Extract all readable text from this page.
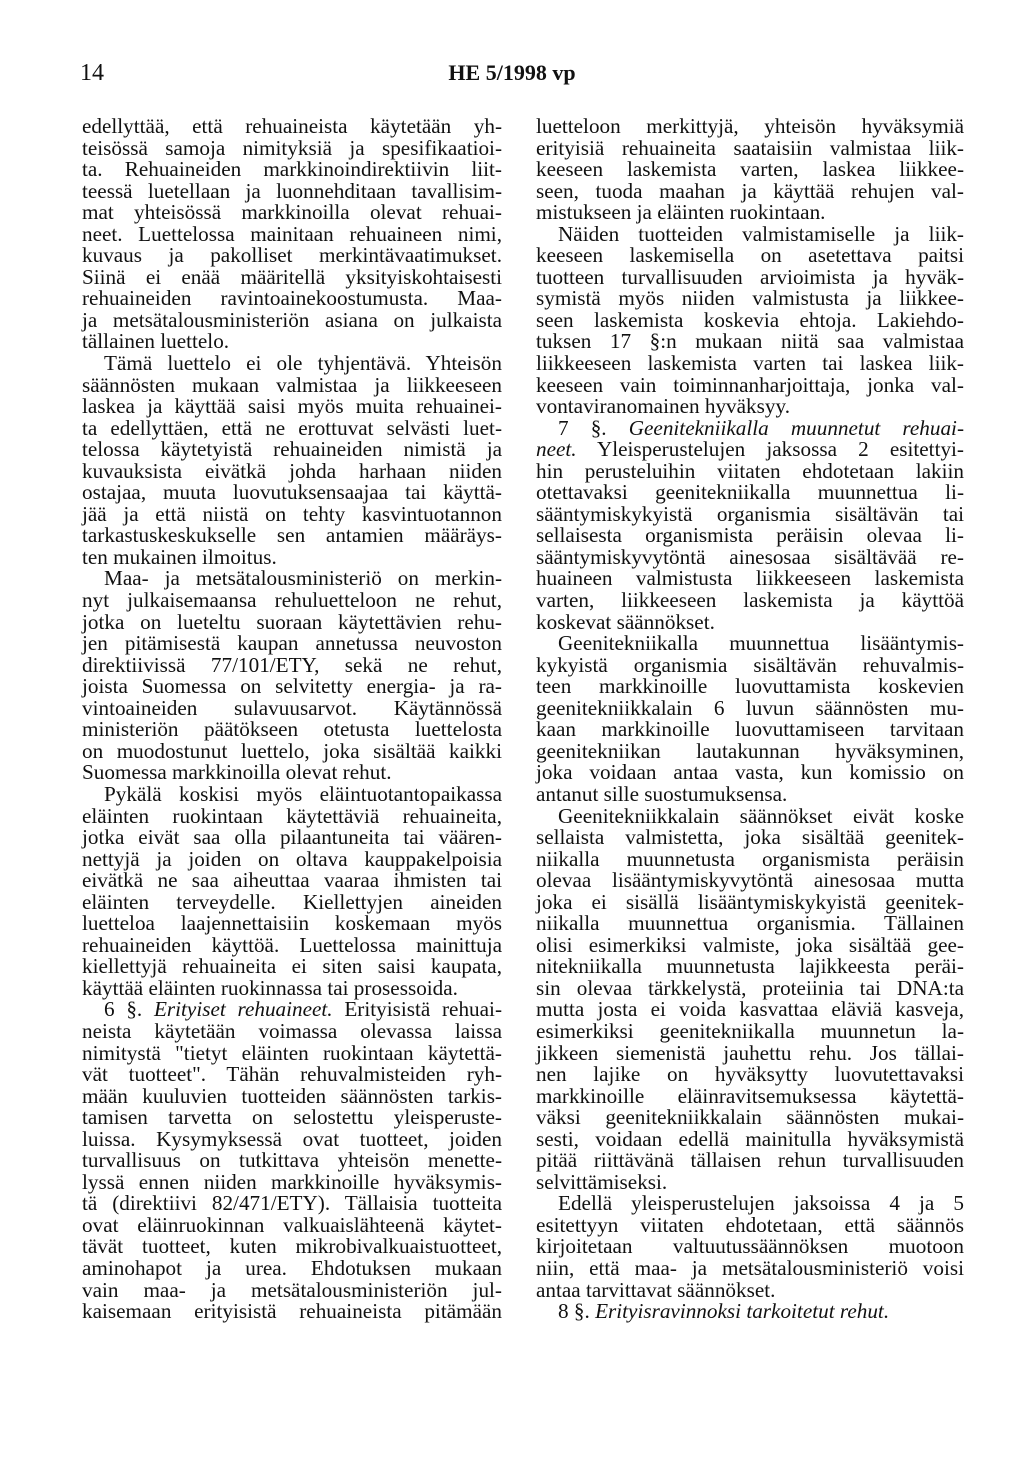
14	HE 5/1998 vp
edellyttää, että rehuaineista käytetään yh-
teisössä samoja nimityksiä ja spesifikaatioi-
ta. Rehuaineiden markkinoindirektiivin liit-
teessä luetellaan ja luonnehditaan tavallisim-
mat yhteisössä markkinoilla olevat rehuai-
neet. Luettelossa mainitaan rehuaineen nimi,
kuvaus ja pakolliset merkintävaatimukset.
Siinä ei enää määritellä yksityiskohtaisesti
rehuaineiden ravintoainekoostumusta. Maa-
ja metsätalousministeriön asiana on julkaista
tällainen luettelo.
Tämä luettelo ei ole tyhjentävä. Yhteisön
säännösten mukaan valmistaa ja liikkeeseen
laskea ja käyttää saisi myös muita rehuainei-
ta edellyttäen, että ne erottuvat selvästi luet-
telossa käytetyistä rehuaineiden nimistä ja
kuvauksista eivätkä johda harhaan niiden
ostajaa, muuta luovutuksensaajaa tai käyttä-
jää ja että niistä on tehty kasvintuotannon
tarkastuskeskukselle sen antamien määräys-
ten mukainen ilmoitus.
Maa- ja metsätalousministeriö on merkin-
nyt julkaisemaansa rehuluetteloon ne rehut,
jotka on lueteltu suoraan käytettävien rehu-
jen pitämisestä kaupan annetussa neuvoston
direktiivissä 77/101/ETY, sekä ne rehut,
joista Suomessa on selvitetty energia- ja ra-
vintoaineiden sulavuusarvot. Käytännössä
ministeriön päätökseen otetusta luettelosta
on muodostunut luettelo, joka sisältää kaikki
Suomessa markkinoilla olevat rehut.
Pykälä koskisi myös eläintuotantopaikassa
eläinten ruokintaan käytettäviä rehuaineita,
jotka eivät saa olla pilaantuneita tai väären-
nettyjä ja joiden on oltava kauppakelpoisia
eivätkä ne saa aiheuttaa vaaraa ihmisten tai
eläinten terveydelle. Kiellettyjen aineiden
luetteloa laajennettaisiin koskemaan myös
rehuaineiden käyttöä. Luettelossa mainittuja
kiellettyjä rehuaineita ei siten saisi kaupata,
käyttää eläinten ruokinnassa tai prosessoida.
6 §. Erityiset rehuaineet. Erityisistä rehuai-
neista käytetään voimassa olevassa laissa
nimitystä "tietyt eläinten ruokintaan käytettä-
vät tuotteet". Tähän rehuvalmisteiden ryh-
mään kuuluvien tuotteiden säännösten tarkis-
tamisen tarvetta on selostettu yleisperuste-
luissa. Kysymyksessä ovat tuotteet, joiden
turvallisuus on tutkittava yhteisön menette-
lyssä ennen niiden markkinoille hyväksymis-
tä (direktiivi 82/471/ETY). Tällaisia tuotteita
ovat eläinruokinnan valkuaislähteenä käytet-
tävät tuotteet, kuten mikrobivalkuaistuotteet,
aminohapot ja urea. Ehdotuksen mukaan
vain maa- ja metsätalousministeriön jul-
kaisemaan erityisistä rehuaineista pitämään
luetteloon merkittyjä, yhteisön hyväksymiä
erityisiä rehuaineita saataisiin valmistaa liik-
keeseen laskemista varten, laskea liikkee-
seen, tuoda maahan ja käyttää rehujen val-
mistukseen ja eläinten ruokintaan.
Näiden tuotteiden valmistamiselle ja liik-
keeseen laskemisella on asetettava paitsi
tuotteen turvallisuuden arvioimista ja hyväk-
symistä myös niiden valmistusta ja liikkee-
seen laskemista koskevia ehtoja. Lakiehdo-
tuksen 17 §:n mukaan niitä saa valmistaa
liikkeeseen laskemista varten tai laskea liik-
keeseen vain toiminnanharjoittaja, jonka val-
vontaviranomainen hyväksyy.
7 §. Geenitekniikalla muunnetut rehuai-
neet. Yleisperustelujen jaksossa 2 esitettyi-
hin perusteluihin viitaten ehdotetaan lakiin
otettavaksi geenitekniikalla muunnettua li-
sääntymiskykyistä organismia sisältävän tai
sellaisesta organismista peräisin olevaa li-
sääntymiskyvytöntä ainesosaa sisältävää re-
huaineen valmistusta liikkeeseen laskemista
varten, liikkeeseen laskemista ja käyttöä
koskevat säännökset.
Geenitekniikalla muunnettua lisääntymis-
kykyistä organismia sisältävän rehuvalmis-
teen markkinoille luovuttamista koskevien
geenitekniikkalain 6 luvun säännösten mu-
kaan markkinoille luovuttamiseen tarvitaan
geenitekniikan lautakunnan hyväksyminen,
joka voidaan antaa vasta, kun komissio on
antanut sille suostumuksensa.
Geenitekniikkalain säännökset eivät koske
sellaista valmistetta, joka sisältää geenitek-
niikalla muunnetusta organismista peräisin
olevaa lisääntymiskyvytöntä ainesosaa mutta
joka ei sisällä lisääntymiskykyistä geenitek-
niikalla muunnettua organismia. Tällainen
olisi esimerkiksi valmiste, joka sisältää gee-
nitekniikalla muunnetusta lajikkeesta peräi-
sin olevaa tärkkelystä, proteiinia tai DNA:ta
mutta josta ei voida kasvattaa eläviä kasveja,
esimerkiksi geenitekniikalla muunnetun la-
jikkeen siemenistä jauhettu rehu. Jos tällai-
nen lajike on hyväksytty luovutettavaksi
markkinoille eläinravitsemuksessa käytettä-
väksi geenitekniikkalain säännösten mukai-
sesti, voidaan edellä mainitulla hyväksymistä
pitää riittävänä tällaisen rehun turvallisuuden
selvittämiseksi.
Edellä yleisperustelujen jaksoissa 4 ja 5
esitettyyn viitaten ehdotetaan, että säännös
kirjoitetaan valtuutussäännöksen muotoon
niin, että maa- ja metsätalousministeriö voisi
antaa tarvittavat säännökset.
8 §. Erityisravinnoksi tarkoitetut rehut.
